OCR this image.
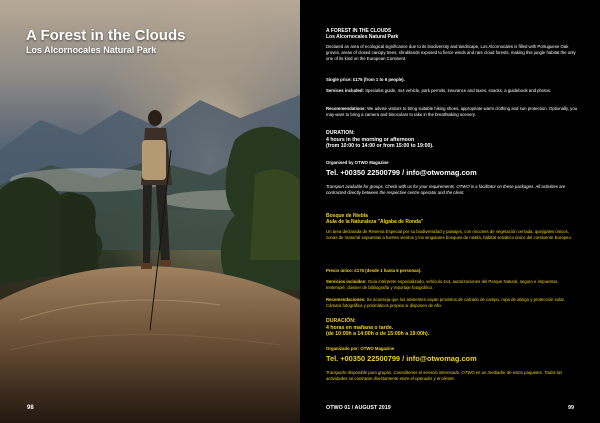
A Forest in the Clouds

Los Alcornocales Natural Park

98
A FOREST IN THE CLOUDS
Los Alcornocales Natural Park
Declared an area of ecological significance due to its biodiversity and landscape, Los Alcornocales is filled with Portuguese Oak groves, areas of closed canopy trees, shrublands exposed to fierce winds and rare cloud forests, making this jungle habitat the only one of its kind on the European Continent.
Single price: £175 (from 1 to 6 people).
Services included: Specialist guide, 4x4 vehicle, park permits, insurance and taxes, snacks, a guidebook and photos.
Recommendations: We advise visitors to bring suitable hiking shoes, appropriate warm clothing and sun protection. Optionally, you may want to bring a camera and binoculars to take in the breathtaking scenery.
DURATION:
4 hours in the morning or afternoon
(from 10:00 to 14:00 or from 15:00 to 19:00).
Organised by OTWO Magazine
Tel. +00350 22500799 / info@otwomag.com
Transport available for groups. Check with us for your requirements. OTWO is a facilitator on these packages. All activities are contracted directly between the respective centre operator and the client.
Bosque de Niebla
Aula de la Naturaleza "Algaba de Ronda"
Un área declarada de Reserva Especial por su biodiversidad y paisajes, con rincones de vegetación cerrada, quejigales únicos, zonas de matorral expuestas a fuertes vientos y los singulares bosques de niebla, hábitat selvático único del continente Europeo.
Precio único: £175 (desde 1 hasta 6 personas).
Servicios incluidos: Guía intérprete especializado, vehículo 4x4, autorizaciones del Parque Natural, seguro e impuestos, tentempié, dossier de bibliografía y reportaje fotográfico.
Recomendaciones: Se aconseja que los asistentes vayan provistos de calzado de campo, ropa de abrigo y protección solar. Cámara fotográfica y prismáticos propios si disponen de ello.
DURACIÓN:
4 horas en mañana o tarde.
(de 10:00h a 14:00h o de 15:00h a 19:00h).
Organizado por: OTWO Magazine
Tel. +00350 22500799 / info@otwomag.com
Transporte disponible para grupos. Consúltenos el servicio interesado. OTWO es un mediador de estos paquetes. Todas las actividades se contratan directamente entre el operador y el cliente.
OTWO 01 / AUGUST 2019	99
